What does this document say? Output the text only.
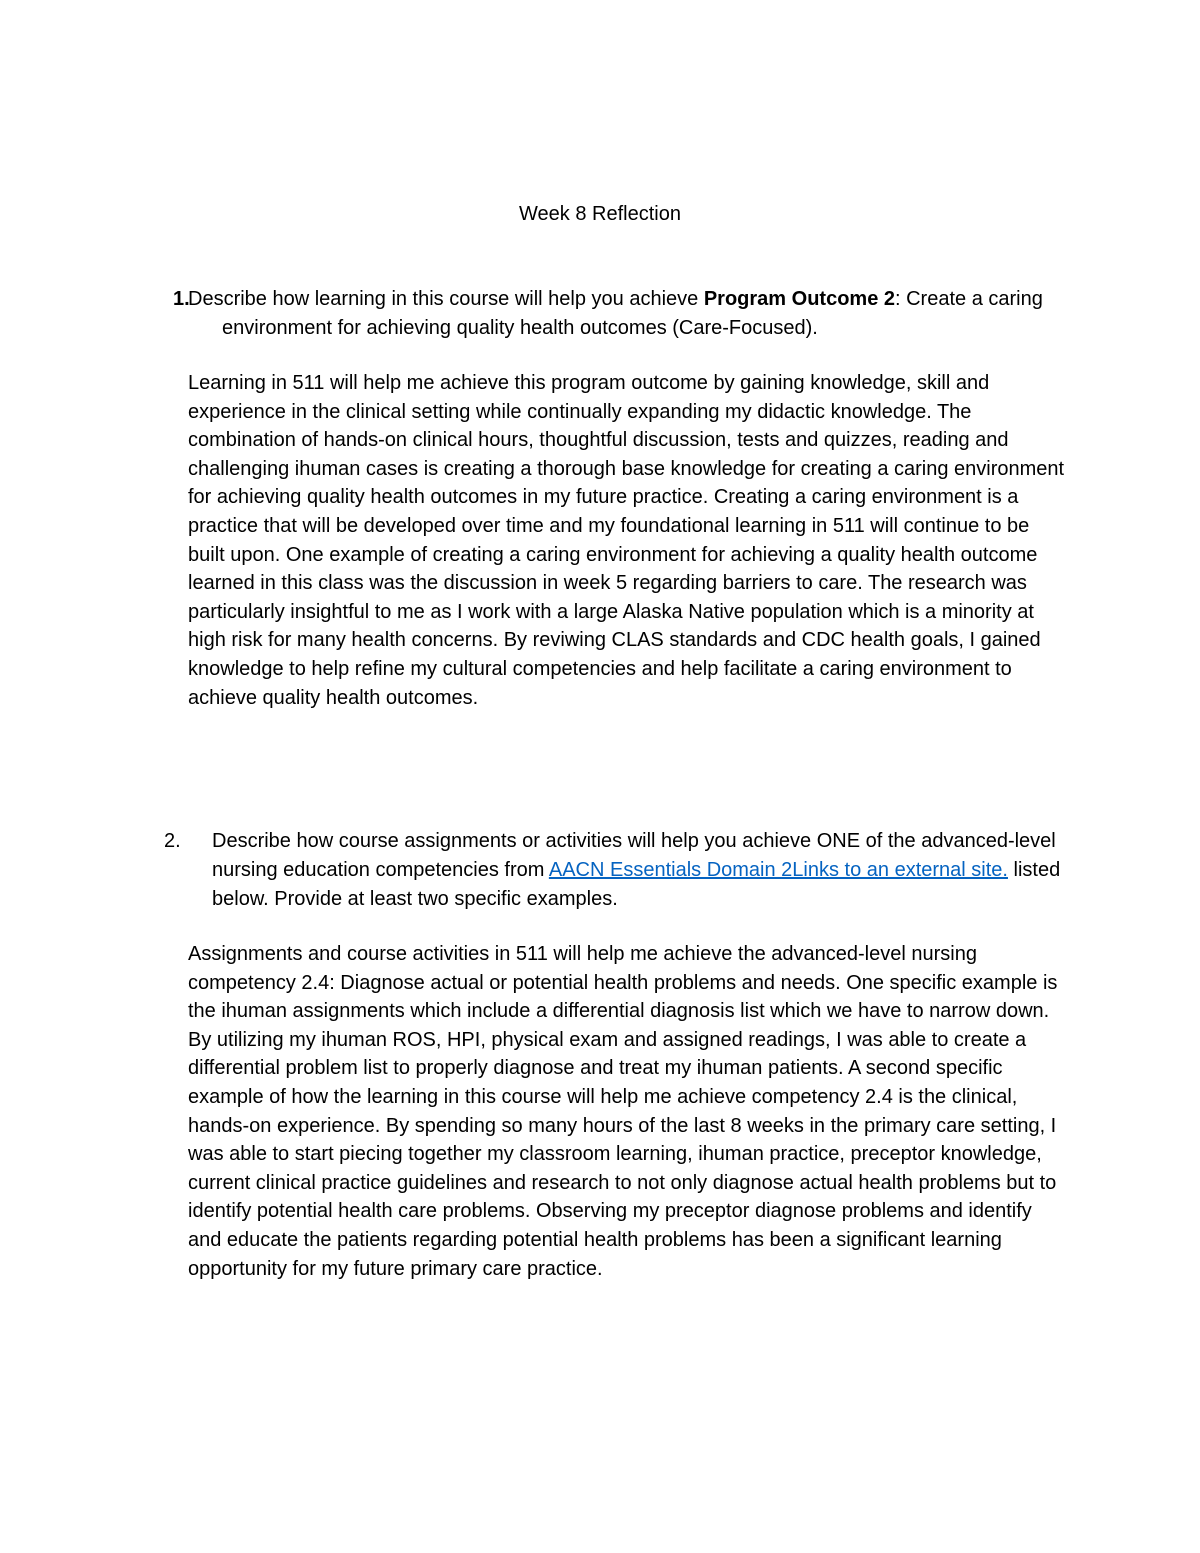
Week 8 Reflection
1.
Describe how learning in this course will help you achieve Program Outcome 2: Create a caring environment for achieving quality health outcomes (Care-Focused).
Learning in 511 will help me achieve this program outcome by gaining knowledge, skill and experience in the clinical setting while continually expanding my didactic knowledge. The combination of hands-on clinical hours, thoughtful discussion, tests and quizzes, reading and challenging ihuman cases is creating a thorough base knowledge for creating a caring environment for achieving quality health outcomes in my future practice. Creating a caring environment is a practice that will be developed over time and my foundational learning in 511 will continue to be built upon. One example of creating a caring environment for achieving a quality health outcome learned in this class was the discussion in week 5 regarding barriers to care. The research was particularly insightful to me as I work with a large Alaska Native population which is a minority at high risk for many health concerns. By reviwing CLAS standards and CDC health goals, I gained knowledge to help refine my cultural competencies and help facilitate a caring environment to achieve quality health outcomes.
2.	Describe how course assignments or activities will help you achieve ONE of the advanced-level nursing education competencies from AACN Essentials Domain 2Links to an external site. listed below. Provide at least two specific examples.
Assignments and course activities in 511 will help me achieve the advanced-level nursing competency 2.4: Diagnose actual or potential health problems and needs. One specific example is the ihuman assignments which include a differential diagnosis list which we have to narrow down. By utilizing my ihuman ROS, HPI, physical exam and assigned readings, I was able to create a differential problem list to properly diagnose and treat my ihuman patients. A second specific example of how the learning in this course will help me achieve competency 2.4 is the clinical, hands-on experience. By spending so many hours of the last 8 weeks in the primary care setting, I was able to start piecing together my classroom learning, ihuman practice, preceptor knowledge, current clinical practice guidelines and research to not only diagnose actual health problems but to identify potential health care problems. Observing my preceptor diagnose problems and identify and educate the patients regarding potential health problems has been a significant learning opportunity for my future primary care practice.
